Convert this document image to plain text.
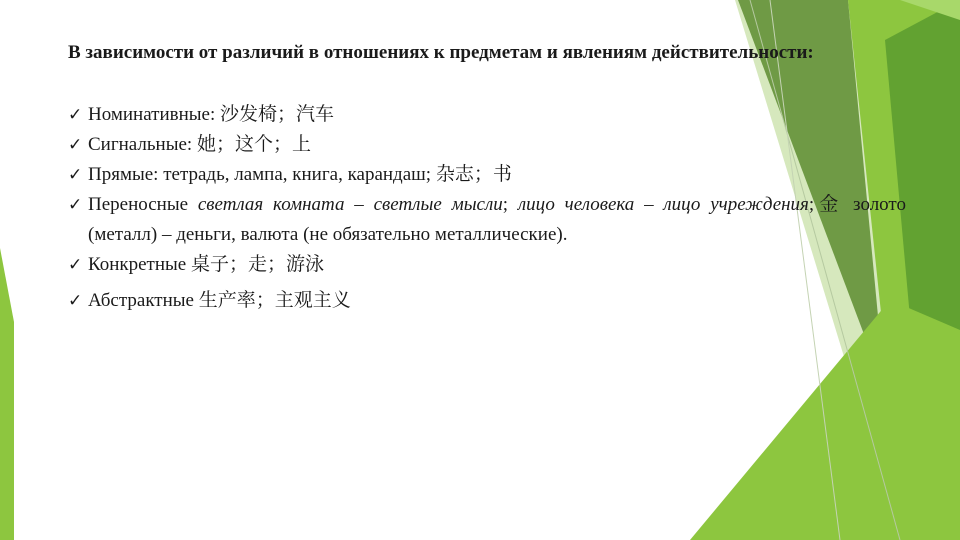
В зависимости от различий в отношениях к предметам и явлениям действительности:

✓ Номинативные: 沙发椅；汽车
✓ Сигнальные: 她；这个；上
✓ Прямые: тетрадь, лампа, книга, карандаш; 杂志；书
✓ Переносные светлая комната – светлые мысли; лицо человека – лицо учреждения;金 золото (металл) – деньги, валюта (не обязательно металлические).
✓ Конкретные 桌子；走；游泳
✓ Абстрактные 生产率；主观主义
